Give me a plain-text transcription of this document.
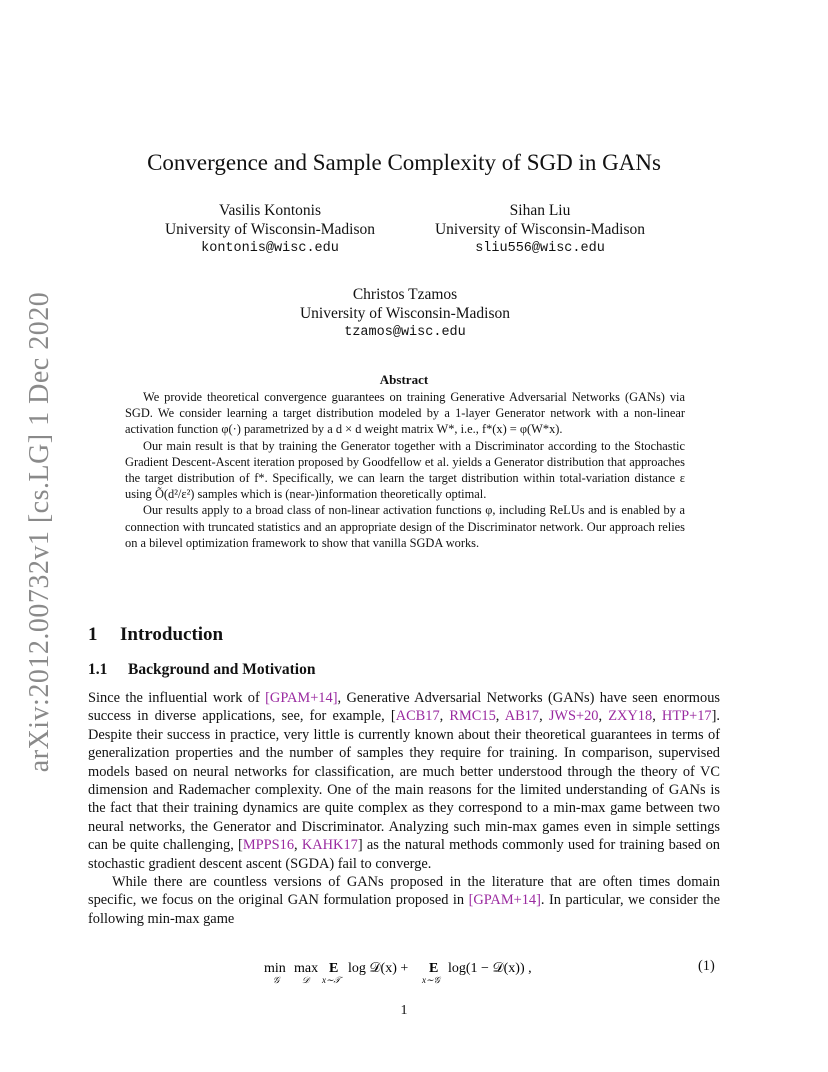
arXiv:2012.00732v1 [cs.LG] 1 Dec 2020
Convergence and Sample Complexity of SGD in GANs
Vasilis Kontonis
University of Wisconsin-Madison
kontonis@wisc.edu
Sihan Liu
University of Wisconsin-Madison
sliu556@wisc.edu
Christos Tzamos
University of Wisconsin-Madison
tzamos@wisc.edu
Abstract

We provide theoretical convergence guarantees on training Generative Adversarial Networks (GANs) via SGD. We consider learning a target distribution modeled by a 1-layer Generator network with a non-linear activation function φ(·) parametrized by a d × d weight matrix W*, i.e., f*(x) = φ(W*x).

Our main result is that by training the Generator together with a Discriminator according to the Stochastic Gradient Descent-Ascent iteration proposed by Goodfellow et al. yields a Generator distribution that approaches the target distribution of f*. Specifically, we can learn the target distribution within total-variation distance ε using Õ(d²/ε²) samples which is (near-)information theoretically optimal.

Our results apply to a broad class of non-linear activation functions φ, including ReLUs and is enabled by a connection with truncated statistics and an appropriate design of the Discriminator network. Our approach relies on a bilevel optimization framework to show that vanilla SGDA works.

1 Introduction
1.1 Background and Motivation

Since the influential work of [GPAM+14], Generative Adversarial Networks (GANs) have seen enormous success in diverse applications, see, for example, [ACB17, RMC15, AB17, JWS+20, ZXY18, HTP+17]. Despite their success in practice, very little is currently known about their theoretical guarantees in terms of generalization properties and the number of samples they require for training. In comparison, supervised models based on neural networks for classification, are much better understood through the theory of VC dimension and Rademacher complexity. One of the main reasons for the limited understanding of GANs is the fact that their training dynamics are quite complex as they correspond to a min-max game between two neural networks, the Generator and Discriminator. Analyzing such min-max games even in simple settings can be quite challenging, [MPPS16, KAHK17] as the natural methods commonly used for training based on stochastic gradient descent ascent (SGDA) fail to converge.

While there are countless versions of GANs proposed in the literature that are often times domain specific, we focus on the original GAN formulation proposed in [GPAM+14]. In particular, we consider the following min-max game

min
𝒢
max
𝒟
E
x∼𝒯
log 𝒟(x) + E
x∼𝒢
log(1 − 𝒟(x)) ,	(1)
1
